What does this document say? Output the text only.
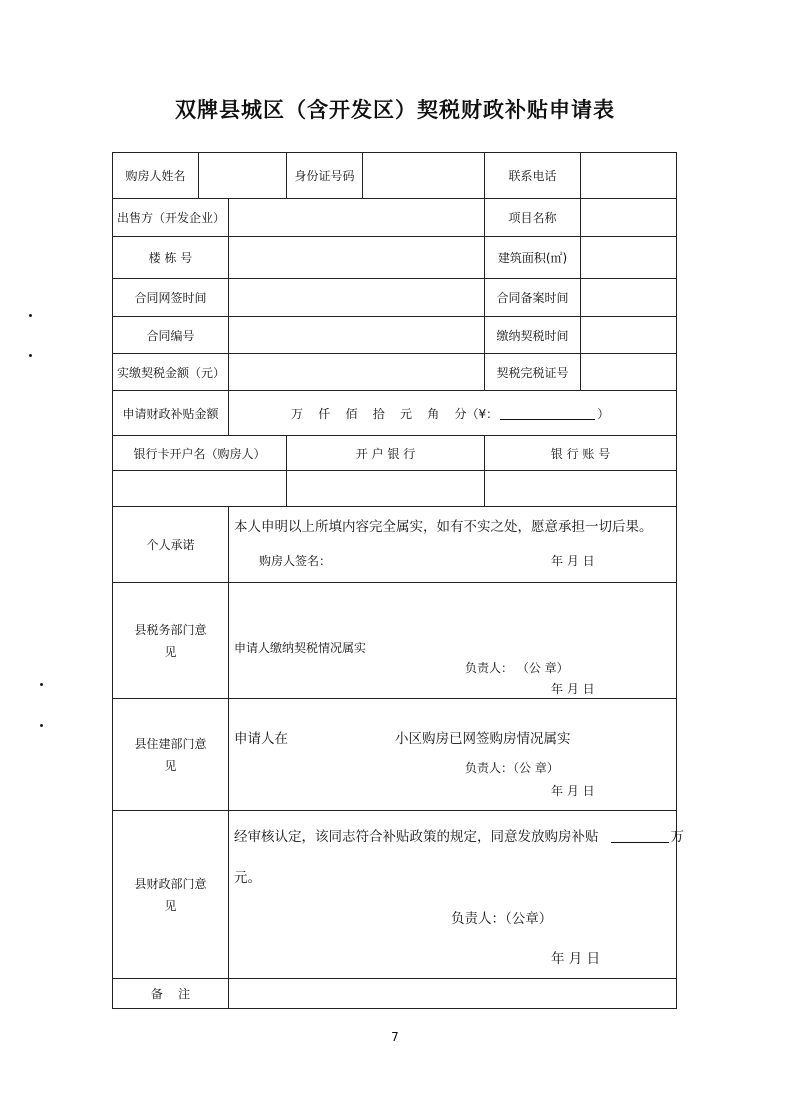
双牌县城区（含开发区）契税财政补贴申请表
购房人姓名			身份证号码		联系电话	
出售方（开发企业）					项目名称	
楼 栋 号					建筑面积(㎡)	
合同网签时间					合同备案时间	
合同编号					缴纳契税时间	
实缴契税金额（元）					契税完税证号	
申请财政补贴金额		万    仟    佰    拾    元    角    分（¥： ）				
银行卡开户名（购房人）			开 户 银 行		银 行 账 号	

个人承诺		本人申明以上所填内容完全属实，如有不实之处，愿意承担一切后果。
购房人签名： 年 月 日				

县税务部门意见		申请人缴纳契税情况属实
负责人： （公 章）
年 月 日				

县住建部门意见		申请人在 小区购房已网签购房情况属实
负责人：（公 章）
年 月 日				

县财政部门意见		经审核认定，该同志符合补贴政策的规定，同意发放购房补贴 万
元。
负责人：（公章）
年 月 日				

备    注						
7
